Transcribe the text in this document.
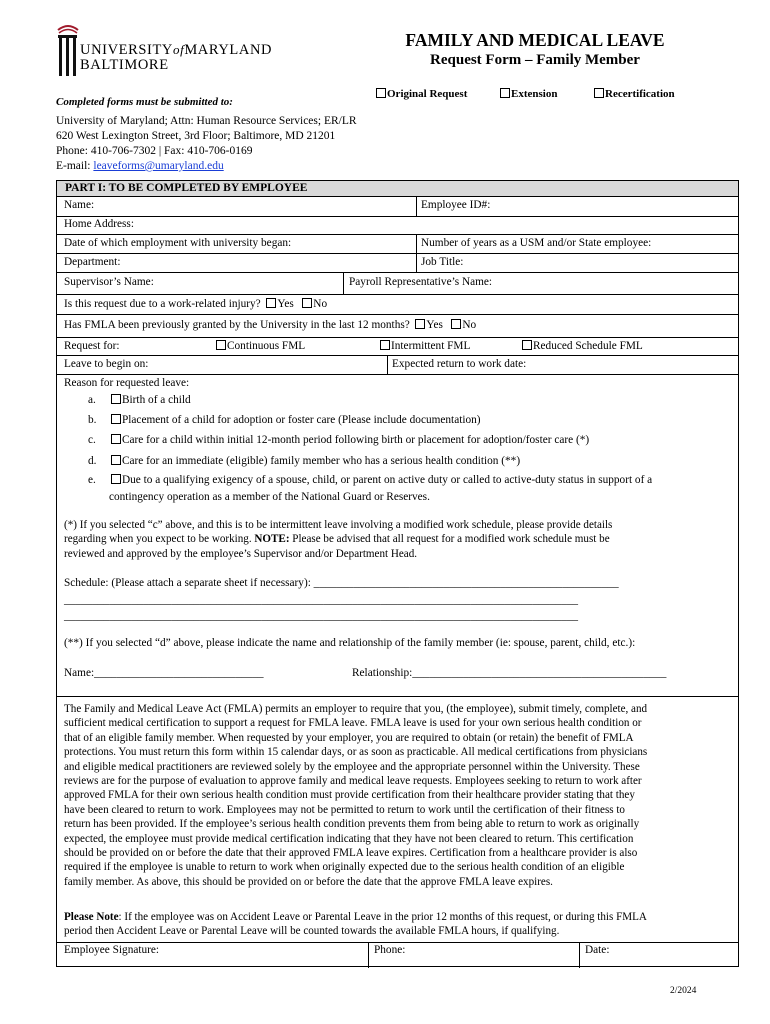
UNIVERSITYofMARYLAND
BALTIMORE
FAMILY AND MEDICAL LEAVE
Request Form – Family Member
Original Request	Extension	Recertification
Completed forms must be submitted to:
University of Maryland; Attn: Human Resource Services; ER/LR
620 West Lexington Street, 3rd Floor; Baltimore, MD 21201
Phone: 410-706-7302 | Fax: 410-706-0169
E-mail: leaveforms@umaryland.edu
PART I: TO BE COMPLETED BY EMPLOYEE
Name:	Employee ID#:
Home Address:
Date of which employment with university began:	Number of years as a USM and/or State employee:
Department:	Job Title:
Supervisor’s Name:	Payroll Representative’s Name:
Is this request due to a work-related injury? Yes No
Has FMLA been previously granted by the University in the last 12 months? Yes No
Request for:	Continuous FML	Intermittent FML	Reduced Schedule FML
Leave to begin on:	Expected return to work date:
Reason for requested leave:
a. Birth of a child
b. Placement of a child for adoption or foster care (Please include documentation)
c. Care for a child within initial 12-month period following birth or placement for adoption/foster care (*)
d. Care for an immediate (eligible) family member who has a serious health condition (**)
e. Due to a qualifying exigency of a spouse, child, or parent on active duty or called to active-duty status in support of a
contingency operation as a member of the National Guard or Reserves.
(*) If you selected “c” above, and this is to be intermittent leave involving a modified work schedule, please provide details
regarding when you expect to be working. NOTE: Please be advised that all request for a modified work schedule must be
reviewed and approved by the employee’s Supervisor and/or Department Head.
Schedule: (Please attach a separate sheet if necessary): ______________________________________________________
___________________________________________________________________________________________
___________________________________________________________________________________________
(**) If you selected “d” above, please indicate the name and relationship of the family member (ie: spouse, parent, child, etc.):
Name:______________________________	Relationship:_____________________________________________
The Family and Medical Leave Act (FMLA) permits an employer to require that you, (the employee), submit timely, complete, and
sufficient medical certification to support a request for FMLA leave. FMLA leave is used for your own serious health condition or
that of an eligible family member. When requested by your employer, you are required to obtain (or retain) the benefit of FMLA
protections. You must return this form within 15 calendar days, or as soon as practicable. All medical certifications from physicians
and eligible medical practitioners are reviewed solely by the employee and the appropriate personnel within the University. These
reviews are for the purpose of evaluation to approve family and medical leave requests. Employees seeking to return to work after
approved FMLA for their own serious health condition must provide certification from their healthcare provider stating that they
have been cleared to return to work. Employees may not be permitted to return to work until the certification of their fitness to
return has been provided. If the employee’s serious health condition prevents them from being able to return to work as originally
expected, the employee must provide medical certification indicating that they have not been cleared to return. This certification
should be provided on or before the date that their approved FMLA leave expires. Certification from a healthcare provider is also
required if the employee is unable to return to work when originally expected due to the serious health condition of an eligible
family member. As above, this should be provided on or before the date that the approve FMLA leave expires.
Please Note: If the employee was on Accident Leave or Parental Leave in the prior 12 months of this request, or during this FMLA
period then Accident Leave or Parental Leave will be counted towards the available FMLA hours, if qualifying.
Employee Signature:	Phone:	Date:
2/2024
